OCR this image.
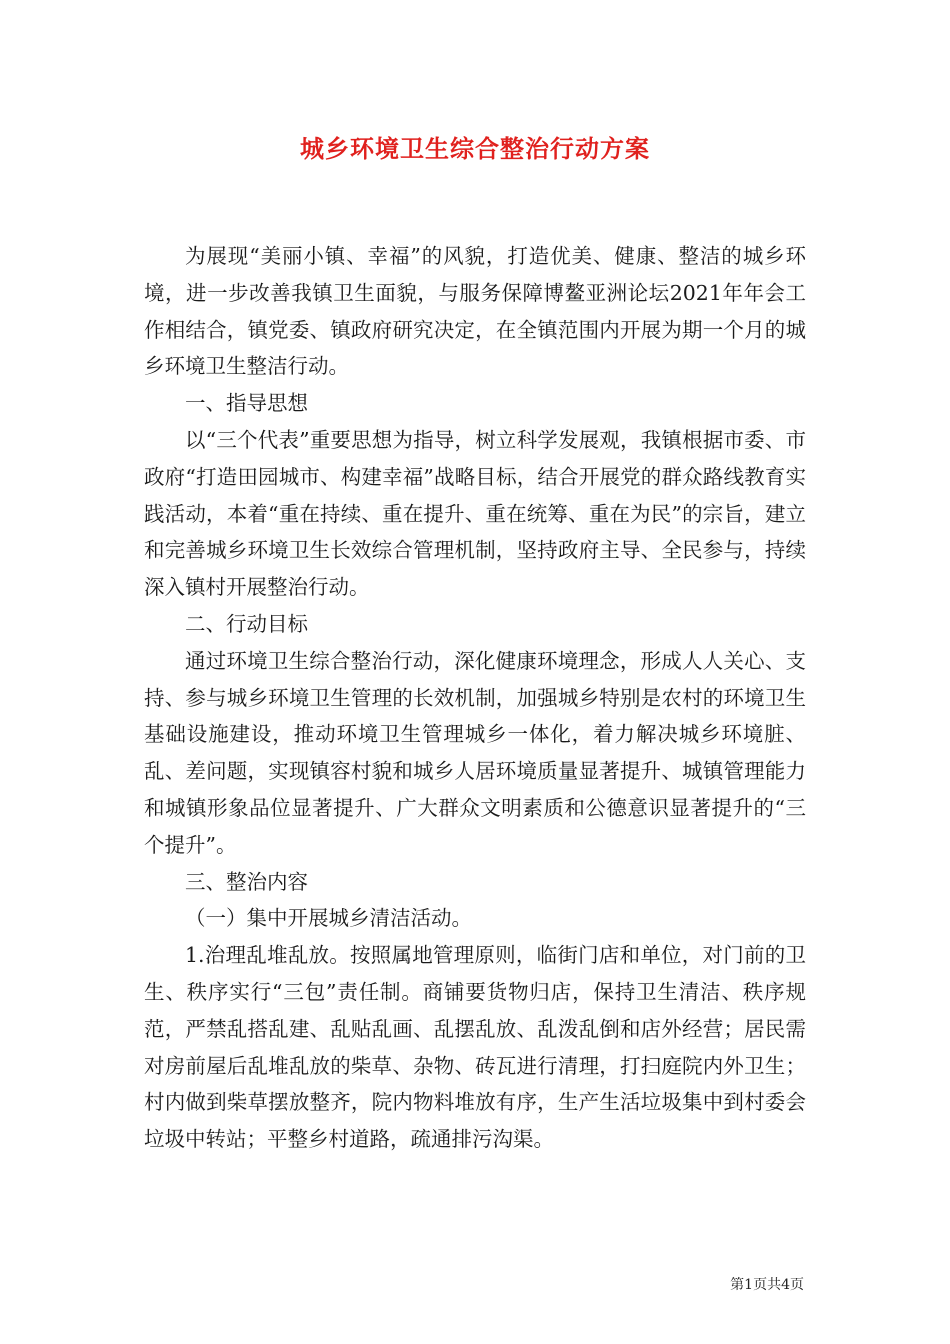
城乡环境卫生综合整治行动方案

为展现“美丽小镇、幸福”的风貌，打造优美、健康、整洁的城乡环境，进一步改善我镇卫生面貌，与服务保障博鳌亚洲论坛2021年年会工作相结合，镇党委、镇政府研究决定，在全镇范围内开展为期一个月的城乡环境卫生整洁行动。

一、指导思想

以“三个代表”重要思想为指导，树立科学发展观，我镇根据市委、市政府“打造田园城市、构建幸福”战略目标，结合开展党的群众路线教育实践活动，本着“重在持续、重在提升、重在统筹、重在为民”的宗旨，建立和完善城乡环境卫生长效综合管理机制，坚持政府主导、全民参与，持续深入镇村开展整治行动。

二、行动目标

通过环境卫生综合整治行动，深化健康环境理念，形成人人关心、支持、参与城乡环境卫生管理的长效机制，加强城乡特别是农村的环境卫生基础设施建设，推动环境卫生管理城乡一体化，着力解决城乡环境脏、乱、差问题，实现镇容村貌和城乡人居环境质量显著提升、城镇管理能力和城镇形象品位显著提升、广大群众文明素质和公德意识显著提升的“三个提升”。

三、整治内容

（一）集中开展城乡清洁活动。

1.治理乱堆乱放。按照属地管理原则，临街门店和单位，对门前的卫生、秩序实行“三包”责任制。商铺要货物归店，保持卫生清洁、秩序规范，严禁乱搭乱建、乱贴乱画、乱摆乱放、乱泼乱倒和店外经营；居民需对房前屋后乱堆乱放的柴草、杂物、砖瓦进行清理，打扫庭院内外卫生；村内做到柴草摆放整齐，院内物料堆放有序，生产生活垃圾集中到村委会垃圾中转站；平整乡村道路，疏通排污沟渠。

第1页共4页
